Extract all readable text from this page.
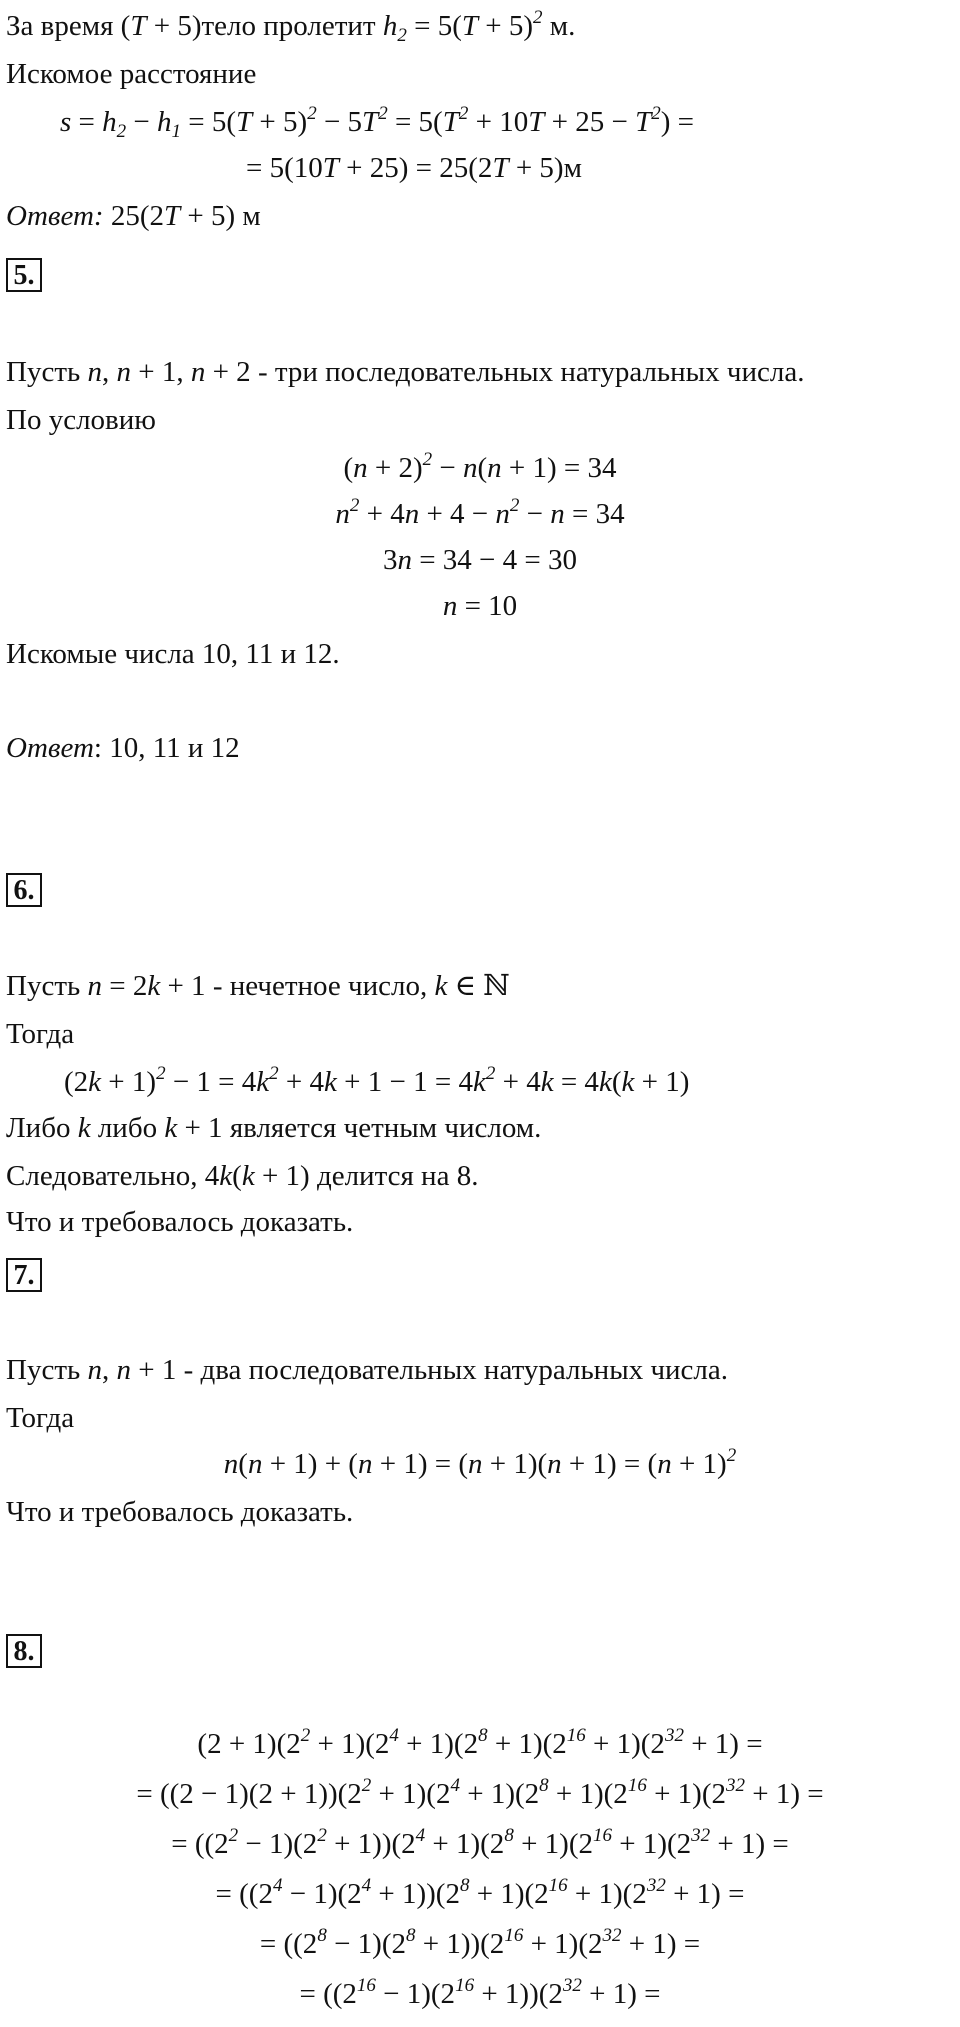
За время (T + 5)тело пролетит $h_2 = 5(T + 5)^2$ м.
Искомое расстояние
$s = h_2 - h_1 = 5(T + 5)^2 - 5T^2 = 5(T^2 + 10T + 25 - T^2)$ =
= 5(10T + 25) = 25(2T + 5)м
Ответ: 25(2T + 5) м
5.
Пусть n, n + 1, n + 2 - три последовательных натуральных числа.
По условию
$(n + 2)^2 - n(n + 1) = 34$
$n^2 + 4n + 4 - n^2 - n = 34$
3n = 34 − 4 = 30
n = 10
Искомые числа 10, 11 и 12.
Ответ: 10, 11 и 12
6.
Пусть n = 2k + 1 - нечетное число, k ∈ ℕ
Тогда
$(2k + 1)^2 - 1 = 4k^2 + 4k + 1 - 1 = 4k^2 + 4k = 4k(k + 1)$
Либо k либо k + 1 является четным числом.
Следовательно, 4k(k + 1) делится на 8.
Что и требовалось доказать.
7.
Пусть n, n + 1 - два последовательных натуральных числа.
Тогда
$n(n + 1) + (n + 1) = (n + 1)(n + 1) = (n + 1)^2$
Что и требовалось доказать.
8.
$(2 + 1)(2^2 + 1)(2^4 + 1)(2^8 + 1)(2^{16} + 1)(2^{32} + 1)$ =
= $((2 - 1)(2 + 1))(2^2 + 1)(2^4 + 1)(2^8 + 1)(2^{16} + 1)(2^{32} + 1)$ =
= $((2^2 - 1)(2^2 + 1))(2^4 + 1)(2^8 + 1)(2^{16} + 1)(2^{32} + 1)$ =
= $((2^4 - 1)(2^4 + 1))(2^8 + 1)(2^{16} + 1)(2^{32} + 1)$ =
= $((2^8 - 1)(2^8 + 1))(2^{16} + 1)(2^{32} + 1)$ =
= $((2^{16} - 1)(2^{16} + 1))(2^{32} + 1)$ =
